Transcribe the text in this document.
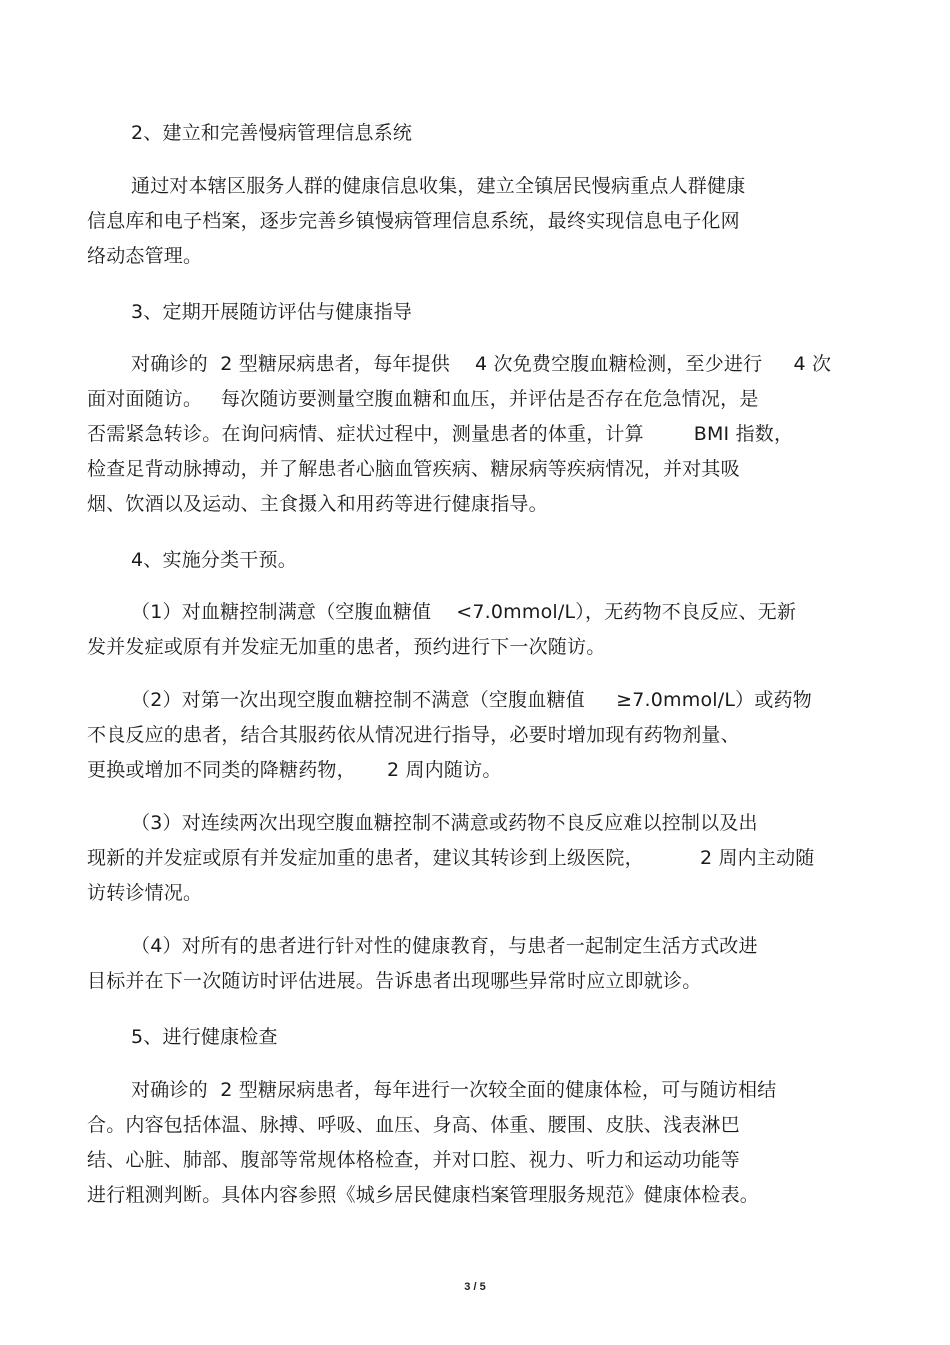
2、建立和完善慢病管理信息系统
通过对本辖区服务人群的健康信息收集，建立全镇居民慢病重点人群健康
信息库和电子档案，逐步完善乡镇慢病管理信息系统，最终实现信息电子化网
络动态管理。
3、定期开展随访评估与健康指导
对确诊的  2 型糖尿病患者，每年提供    4 次免费空腹血糖检测，至少进行     4 次
面对面随访。   每次随访要测量空腹血糖和血压，并评估是否存在危急情况，是
否需紧急转诊。在询问病情、症状过程中，测量患者的体重，计算        BMI 指数，
检查足背动脉搏动，并了解患者心脑血管疾病、糖尿病等疾病情况，并对其吸
烟、饮酒以及运动、主食摄入和用药等进行健康指导。
4、实施分类干预。
（1）对血糖控制满意（空腹血糖值    <7.0mmol/L），无药物不良反应、无新
发并发症或原有并发症无加重的患者，预约进行下一次随访。
（2）对第一次出现空腹血糖控制不满意（空腹血糖值     ≥7.0mmol/L）或药物
不良反应的患者，结合其服药依从情况进行指导，必要时增加现有药物剂量、
更换或增加不同类的降糖药物，     2 周内随访。
（3）对连续两次出现空腹血糖控制不满意或药物不良反应难以控制以及出
现新的并发症或原有并发症加重的患者，建议其转诊到上级医院，         2 周内主动随
访转诊情况。
（4）对所有的患者进行针对性的健康教育，与患者一起制定生活方式改进
目标并在下一次随访时评估进展。告诉患者出现哪些异常时应立即就诊。
5、进行健康检查
对确诊的  2 型糖尿病患者，每年进行一次较全面的健康体检，可与随访相结
合。内容包括体温、脉搏、呼吸、血压、身高、体重、腰围、皮肤、浅表淋巴
结、心脏、肺部、腹部等常规体格检查，并对口腔、视力、听力和运动功能等
进行粗测判断。具体内容参照《城乡居民健康档案管理服务规范》健康体检表。
3 / 5
